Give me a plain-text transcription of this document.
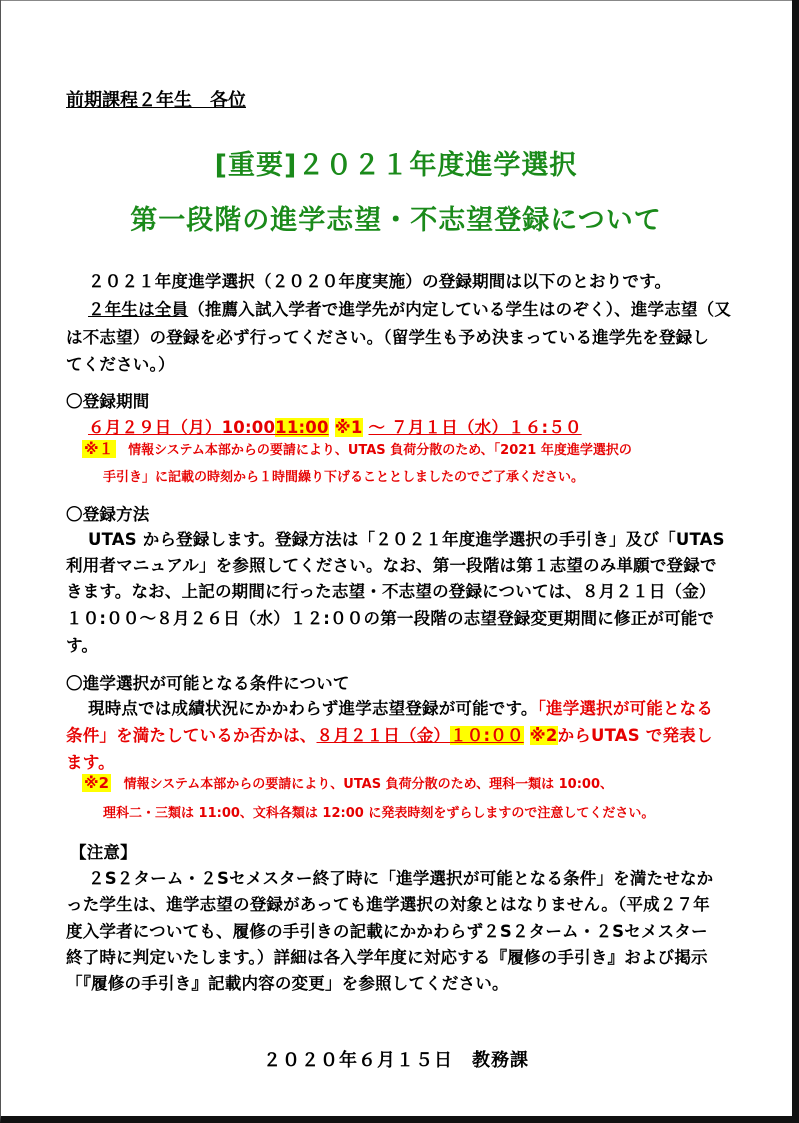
前期課程２年生　各位
[重要]２０２１年度進学選択
第一段階の進学志望・不志望登録について
２０２１年度進学選択（２０２０年度実施）の登録期間は以下のとおりです。
２年生は全員（推薦入試入学者で進学先が内定している学生はのぞく）、進学志望（又
は不志望）の登録を必ず行ってください。（留学生も予め決まっている進学先を登録し
てください。）
〇登録期間
６月２９日（月）10:0011:00 ※1 ～ ７月１日（水）１６:５０
※１ 情報システム本部からの要請により、UTAS 負荷分散のため、「2021 年度進学選択の
手引き」に記載の時刻から１時間繰り下げることとしましたのでご了承ください。
〇登録方法
UTAS から登録します。登録方法は「２０２１年度進学選択の手引き」及び「UTAS
利用者マニュアル」を参照してください。なお、第一段階は第１志望のみ単願で登録で
きます。なお、上記の期間に行った志望・不志望の登録については、８月２１日（金）
１０:００～８月２６日（水）１２:００の第一段階の志望登録変更期間に修正が可能で
す。
〇進学選択が可能となる条件について
現時点では成績状況にかかわらず進学志望登録が可能です。「進学選択が可能となる
条件」を満たしているか否かは、８月２１日（金）１０:００ ※2からUTAS で発表し
ます。
※2 情報システム本部からの要請により、UTAS 負荷分散のため、理科一類は 10:00、
理科二・三類は 11:00、文科各類は 12:00 に発表時刻をずらしますので注意してください。
【注意】
２S２ターム・２Sセメスター終了時に「進学選択が可能となる条件」を満たせなか
った学生は、進学志望の登録があっても進学選択の対象とはなりません。（平成２７年
度入学者についても、履修の手引きの記載にかかわらず２S２ターム・２Sセメスター
終了時に判定いたします。）詳細は各入学年度に対応する『履修の手引き』および掲示
「『履修の手引き』記載内容の変更」を参照してください。
２０２０年６月１５日　教務課
